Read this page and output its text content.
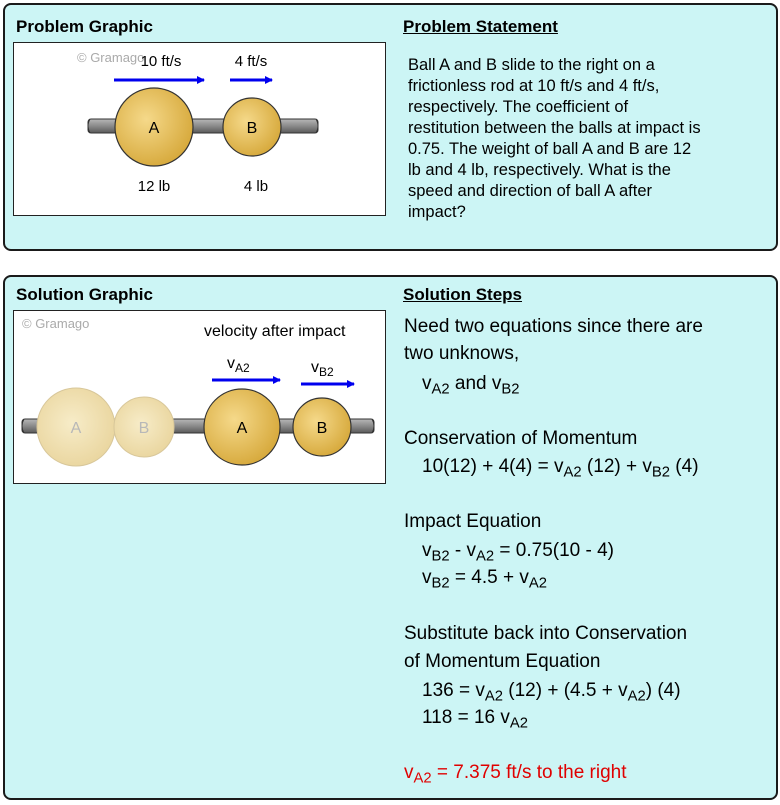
Problem Graphic	Problem Statement
© Gramago
A	B
10 ft/s	4 ft/s
12 lb	4 lb
Ball A and B slide to the right on a
frictionless rod at 10 ft/s and 4 ft/s,
respectively. The coefficient of
restitution between the balls at impact is
0.75. The weight of ball A and B are 12
lb and 4 lb, respectively. What is the
speed and direction of ball A after
impact?
Solution Graphic	Solution Steps
© Gramago	velocity after impact
A	B	A	B
$v_{A2}$	$v_{B2}$
Need two equations since there are
two unknows,
$v_{A2}$ and $v_{B2}$
Conservation of Momentum
$10(12) + 4(4) = v_{A2}$ $(12) + v_{B2}$ (4)
Impact Equation
$v_{B2} - v_{A2} = 0.75(10 - 4)$
$v_{B2} = 4.5 + v_{A2}$
Substitute back into Conservation
of Momentum Equation
$136 = v_{A2}$ $(12) + (4.5 + v_{A2})$ (4)
118 = 16 $v_{A2}$
$v_{A2} = 7.375$ ft/s to the right
